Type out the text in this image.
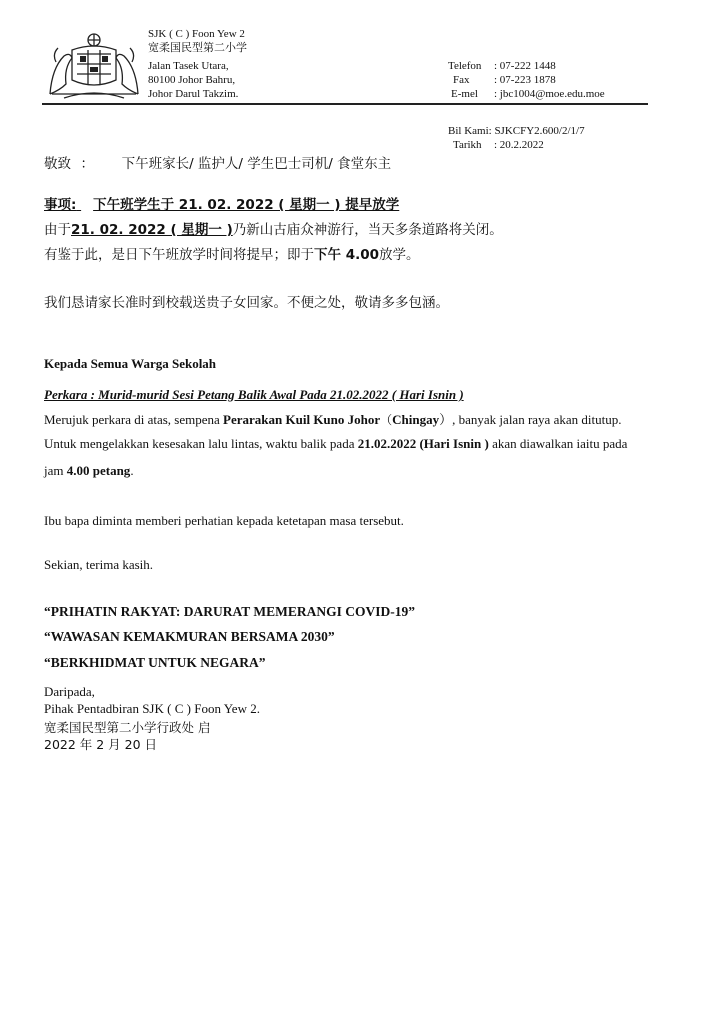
SJK ( C ) Foon Yew 2
宽柔国民型第二小学
Jalan Tasek Utara,
80100 Johor Bahru,
Johor Darul Takzim.
Telefon : 07-222 1448
Fax : 07-223 1878
E-mel : jbc1004@moe.edu.moe
Bil Kami: SJKCFY2.600/2/1/7
Tarikh : 20.2.2022
敬致 ： 下午班家长/ 监护人/ 学生巴士司机/ 食堂东主
事项: 下午班学生于 21. 02. 2022 ( 星期一 ) 提早放学
由于21. 02. 2022 ( 星期一 )乃新山古庙众神游行，当天多条道路将关闭。
有鉴于此，是日下午班放学时间将提早；即于下午 4.00放学。
我们恳请家长准时到校载送贵子女回家。不便之处，敬请多多包涵。
Kepada Semua Warga Sekolah
Perkara : Murid-murid Sesi Petang Balik Awal Pada 21.02.2022 ( Hari Isnin )
Merujuk perkara di atas, sempena Perarakan Kuil Kuno Johor（Chingay）, banyak jalan raya akan ditutup.
Untuk mengelakkan kesesakan lalu lintas, waktu balik pada 21.02.2022 (Hari Isnin ) akan diawalkan iaitu pada
jam 4.00 petang.
Ibu bapa diminta memberi perhatian kepada ketetapan masa tersebut.
Sekian, terima kasih.
“PRIHATIN RAKYAT: DARURAT MEMERANGI COVID-19”
“WAWASAN KEMAKMURAN BERSAMA 2030”
“BERKHIDMAT UNTUK NEGARA”
Daripada,
Pihak Pentadbiran SJK ( C ) Foon Yew 2.
宽柔国民型第二小学行政处 启
2022 年 2 月 20 日
